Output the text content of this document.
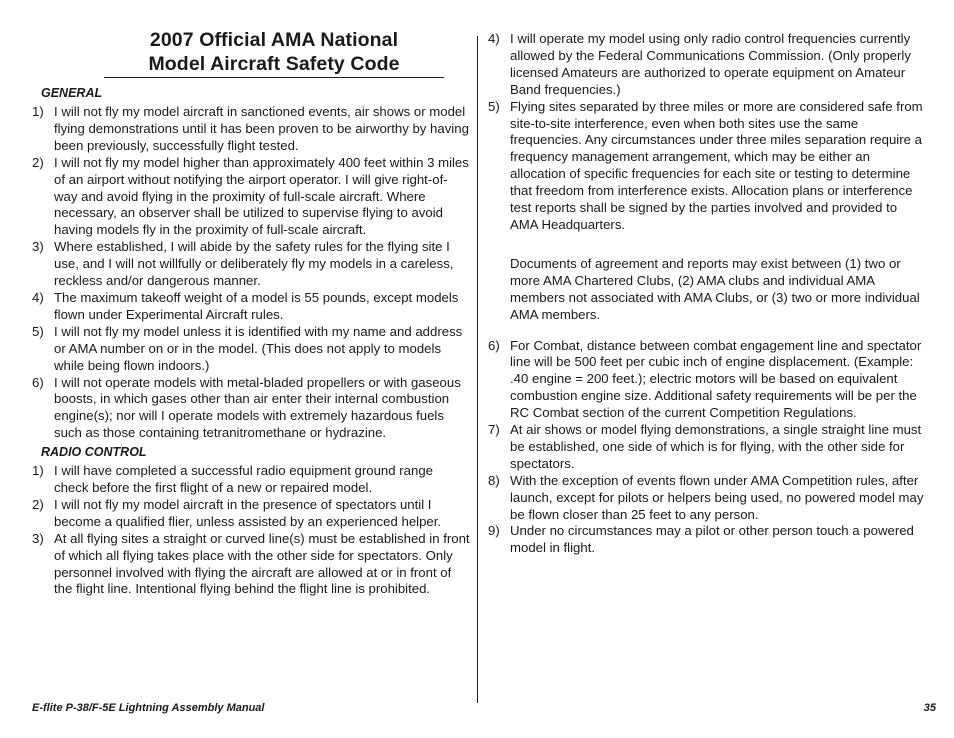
2007 Official AMA National
Model Aircraft Safety Code
GENERAL
1) I will not fly my model aircraft in sanctioned events, air shows or model flying demonstrations until it has been proven to be airworthy by having been previously, successfully flight tested.
2) I will not fly my model higher than approximately 400 feet within 3 miles of an airport without notifying the airport operator. I will give right-of-way and avoid flying in the proximity of full-scale aircraft. Where necessary, an observer shall be utilized to supervise flying to avoid having models fly in the proximity of full-scale aircraft.
3) Where established, I will abide by the safety rules for the flying site I use, and I will not willfully or deliberately fly my models in a careless, reckless and/or dangerous manner.
4) The maximum takeoff weight of a model is 55 pounds, except models flown under Experimental Aircraft rules.
5) I will not fly my model unless it is identified with my name and address or AMA number on or in the model. (This does not apply to models while being flown indoors.)
6) I will not operate models with metal-bladed propellers or with gaseous boosts, in which gases other than air enter their internal combustion engine(s); nor will I operate models with extremely hazardous fuels such as those containing tetranitromethane or hydrazine.
RADIO CONTROL
1) I will have completed a successful radio equipment ground range check before the first flight of a new or repaired model.
2) I will not fly my model aircraft in the presence of spectators until I become a qualified flier, unless assisted by an experienced helper.
3) At all flying sites a straight or curved line(s) must be established in front of which all flying takes place with the other side for spectators. Only personnel involved with flying the aircraft are allowed at or in front of the flight line. Intentional flying behind the flight line is prohibited.
4) I will operate my model using only radio control frequencies currently allowed by the Federal Communications Commission. (Only properly licensed Amateurs are authorized to operate equipment on Amateur Band frequencies.)
5) Flying sites separated by three miles or more are considered safe from site-to-site interference, even when both sites use the same frequencies. Any circumstances under three miles separation require a frequency management arrangement, which may be either an allocation of specific frequencies for each site or testing to determine that freedom from interference exists. Allocation plans or interference test reports shall be signed by the parties involved and provided to AMA Headquarters.
Documents of agreement and reports may exist between (1) two or more AMA Chartered Clubs, (2) AMA clubs and individual AMA members not associated with AMA Clubs, or (3) two or more individual AMA members.
6) For Combat, distance between combat engagement line and spectator line will be 500 feet per cubic inch of engine displacement. (Example: .40 engine = 200 feet.); electric motors will be based on equivalent combustion engine size. Additional safety requirements will be per the RC Combat section of the current Competition Regulations.
7) At air shows or model flying demonstrations, a single straight line must be established, one side of which is for flying, with the other side for spectators.
8) With the exception of events flown under AMA Competition rules, after launch, except for pilots or helpers being used, no powered model may be flown closer than 25 feet to any person.
9) Under no circumstances may a pilot or other person touch a powered model in flight.
E-flite P-38/F-5E Lightning Assembly Manual	35
